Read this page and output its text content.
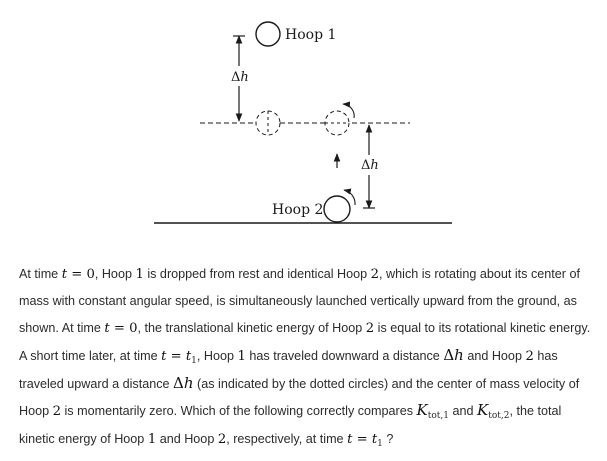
Hoop 1
Δh
Hoop 2
Δh
At time t = 0, Hoop 1 is dropped from rest and identical Hoop 2, which is rotating about its center of mass with constant angular speed, is simultaneously launched vertically upward from the ground, as shown. At time t = 0, the translational kinetic energy of Hoop 2 is equal to its rotational kinetic energy. A short time later, at time $t = t_1$, Hoop 1 has traveled downward a distance Δh and Hoop 2 has traveled upward a distance Δh (as indicated by the dotted circles) and the center of mass velocity of Hoop 2 is momentarily zero. Which of the following correctly compares $K_{tot,1}$ and $K_{tot,2}$, the total kinetic energy of Hoop 1 and Hoop 2, respectively, at time $t = t_1$ ?
